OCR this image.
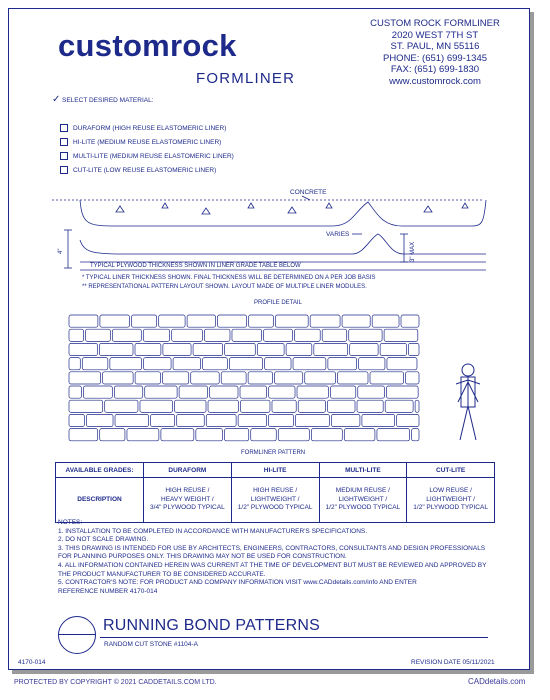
customrock
FORMLINER
CUSTOM ROCK FORMLINER
2020 WEST 7TH ST
ST. PAUL, MN 55116
PHONE: (651) 699-1345
FAX: (651) 699-1830
www.customrock.com
✓ SELECT DESIRED MATERIAL:
DURAFORM (HIGH REUSE ELASTOMERIC LINER)
HI-LITE (MEDIUM REUSE ELASTOMERIC LINER)
MULTI-LITE (MEDIUM REUSE ELASTOMERIC LINER)
CUT-LITE (LOW REUSE ELASTOMERIC LINER)
CONCRETE
VARIES
4"	3" MAX
TYPICAL PLYWOOD THICKNESS SHOWN IN LINER GRADE TABLE BELOW
* TYPICAL LINER THICKNESS SHOWN. FINAL THICKNESS WILL BE DETERMINED ON A PER JOB BASIS
** REPRESENTATIONAL PATTERN LAYOUT SHOWN. LAYOUT MADE OF MULTIPLE LINER MODULES.
PROFILE DETAIL
FORMLINER PATTERN
AVAILABLE GRADES:	DURAFORM	HI-LITE	MULTI-LITE	CUT-LITE
DESCRIPTION	HIGH REUSE /
HEAVY WEIGHT /
3/4" PLYWOOD TYPICAL	HIGH REUSE /
LIGHTWEIGHT /
1/2" PLYWOOD TYPICAL	MEDIUM REUSE /
LIGHTWEIGHT /
1/2" PLYWOOD TYPICAL	LOW REUSE /
LIGHTWEIGHT /
1/2" PLYWOOD TYPICAL
NOTES:
1. INSTALLATION TO BE COMPLETED IN ACCORDANCE WITH MANUFACTURER'S SPECIFICATIONS.
2. DO NOT SCALE DRAWING.
3. THIS DRAWING IS INTENDED FOR USE BY ARCHITECTS, ENGINEERS, CONTRACTORS, CONSULTANTS AND DESIGN PROFESSIONALS
FOR PLANNING PURPOSES ONLY. THIS DRAWING MAY NOT BE USED FOR CONSTRUCTION.
4. ALL INFORMATION CONTAINED HEREIN WAS CURRENT AT THE TIME OF DEVELOPMENT BUT MUST BE REVIEWED AND APPROVED BY
THE PRODUCT MANUFACTURER TO BE CONSIDERED ACCURATE.
5. CONTRACTOR'S NOTE: FOR PRODUCT AND COMPANY INFORMATION VISIT www.CADdetails.com/info AND ENTER
REFERENCE NUMBER 4170-014
RUNNING BOND PATTERNS
RANDOM CUT STONE #1104-A
4170-014	REVISION DATE 05/11/2021
PROTECTED BY COPYRIGHT © 2021 CADDETAILS.COM LTD.	CADdetails.com
